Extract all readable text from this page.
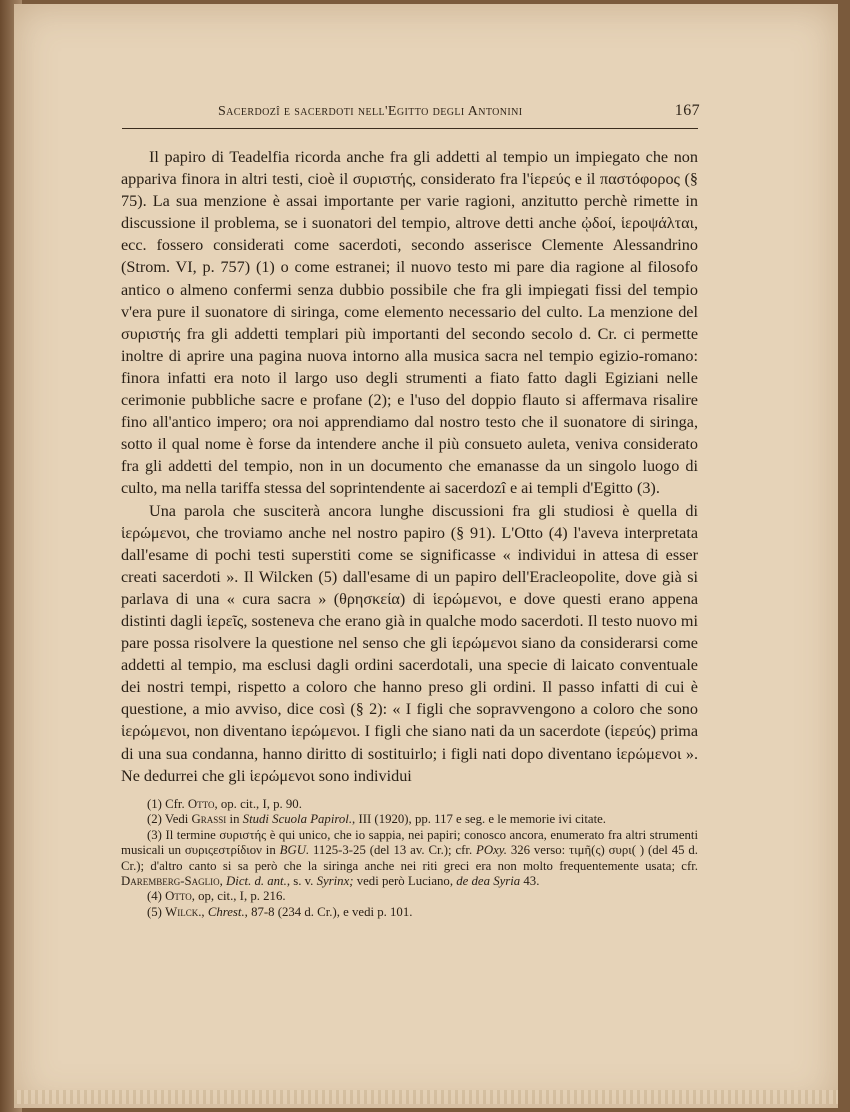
Sacerdozî e sacerdoti nell'Egitto degli Antonini	167

Il papiro di Teadelfia ricorda anche fra gli addetti al tempio un impiegato che non appariva finora in altri testi, cioè il συριστής, considerato fra l'ἱερεύς e il παστόφορος (§ 75). La sua menzione è assai importante per varie ragioni, anzitutto perchè rimette in discussione il problema, se i suonatori del tempio, altrove detti anche ᾠδοί, ἱεροψάλται, ecc. fossero considerati come sacerdoti, secondo asserisce Clemente Alessandrino (Strom. VI, p. 757) (1) o come estranei; il nuovo testo mi pare dia ragione al filosofo antico o almeno confermi senza dubbio possibile che fra gli impiegati fissi del tempio v'era pure il suonatore di siringa, come elemento necessario del culto. La menzione del συριστής fra gli addetti templari più importanti del secondo secolo d. Cr. ci permette inoltre di aprire una pagina nuova intorno alla musica sacra nel tempio egizio-romano: finora infatti era noto il largo uso degli strumenti a fiato fatto dagli Egiziani nelle cerimonie pubbliche sacre e profane (2); e l'uso del doppio flauto si affermava risalire fino all'antico impero; ora noi apprendiamo dal nostro testo che il suonatore di siringa, sotto il qual nome è forse da intendere anche il più consueto auleta, veniva considerato fra gli addetti del tempio, non in un documento che emanasse da un singolo luogo di culto, ma nella tariffa stessa del soprintendente ai sacerdozî e ai templi d'Egitto (3).

Una parola che susciterà ancora lunghe discussioni fra gli studiosi è quella di ἱερώμενοι, che troviamo anche nel nostro papiro (§ 91). L'Otto (4) l'aveva interpretata dall'esame di pochi testi superstiti come se significasse « individui in attesa di esser creati sacerdoti ». Il Wilcken (5) dall'esame di un papiro dell'Eracleopolite, dove già si parlava di una « cura sacra » (θρησκεία) di ἱερώμενοι, e dove questi erano appena distinti dagli ἱερεῖς, sosteneva che erano già in qualche modo sacerdoti. Il testo nuovo mi pare possa risolvere la questione nel senso che gli ἱερώμενοι siano da considerarsi come addetti al tempio, ma esclusi dagli ordini sacerdotali, una specie di laicato conventuale dei nostri tempi, rispetto a coloro che hanno preso gli ordini. Il passo infatti di cui è questione, a mio avviso, dice così (§ 2): « I figli che sopravvengono a coloro che sono ἱερώμενοι, non diventano ἱερώμενοι. I figli che siano nati da un sacerdote (ἱερεύς) prima di una sua condanna, hanno diritto di sostituirlo; i figli nati dopo diventano ἱερώμενοι ». Ne dedurrei che gli ἱερώμενοι sono individui

(1) Cfr. Otto, op. cit., I, p. 90.
(2) Vedi Grassi in Studi Scuola Papirol., III (1920), pp. 117 e seg. e le memorie ivi citate.
(3) Il termine συριστής è qui unico, che io sappia, nei papiri; conosco ancora, enumerato fra altri strumenti musicali un συριςεστρίδιον in BGU. 1125-3-25 (del 13 av. Cr.); cfr. POxy. 326 verso: τιμῆ(ς) συρι( ) (del 45 d. Cr.); d'altro canto si sa però che la siringa anche nei riti greci era non molto frequentemente usata; cfr. Daremberg-Saglio, Dict. d. ant., s. v. Syrinx; vedi però Luciano, de dea Syria 43.
(4) Otto, op, cit., I, p. 216.
(5) Wilck., Chrest., 87-8 (234 d. Cr.), e vedi p. 101.
